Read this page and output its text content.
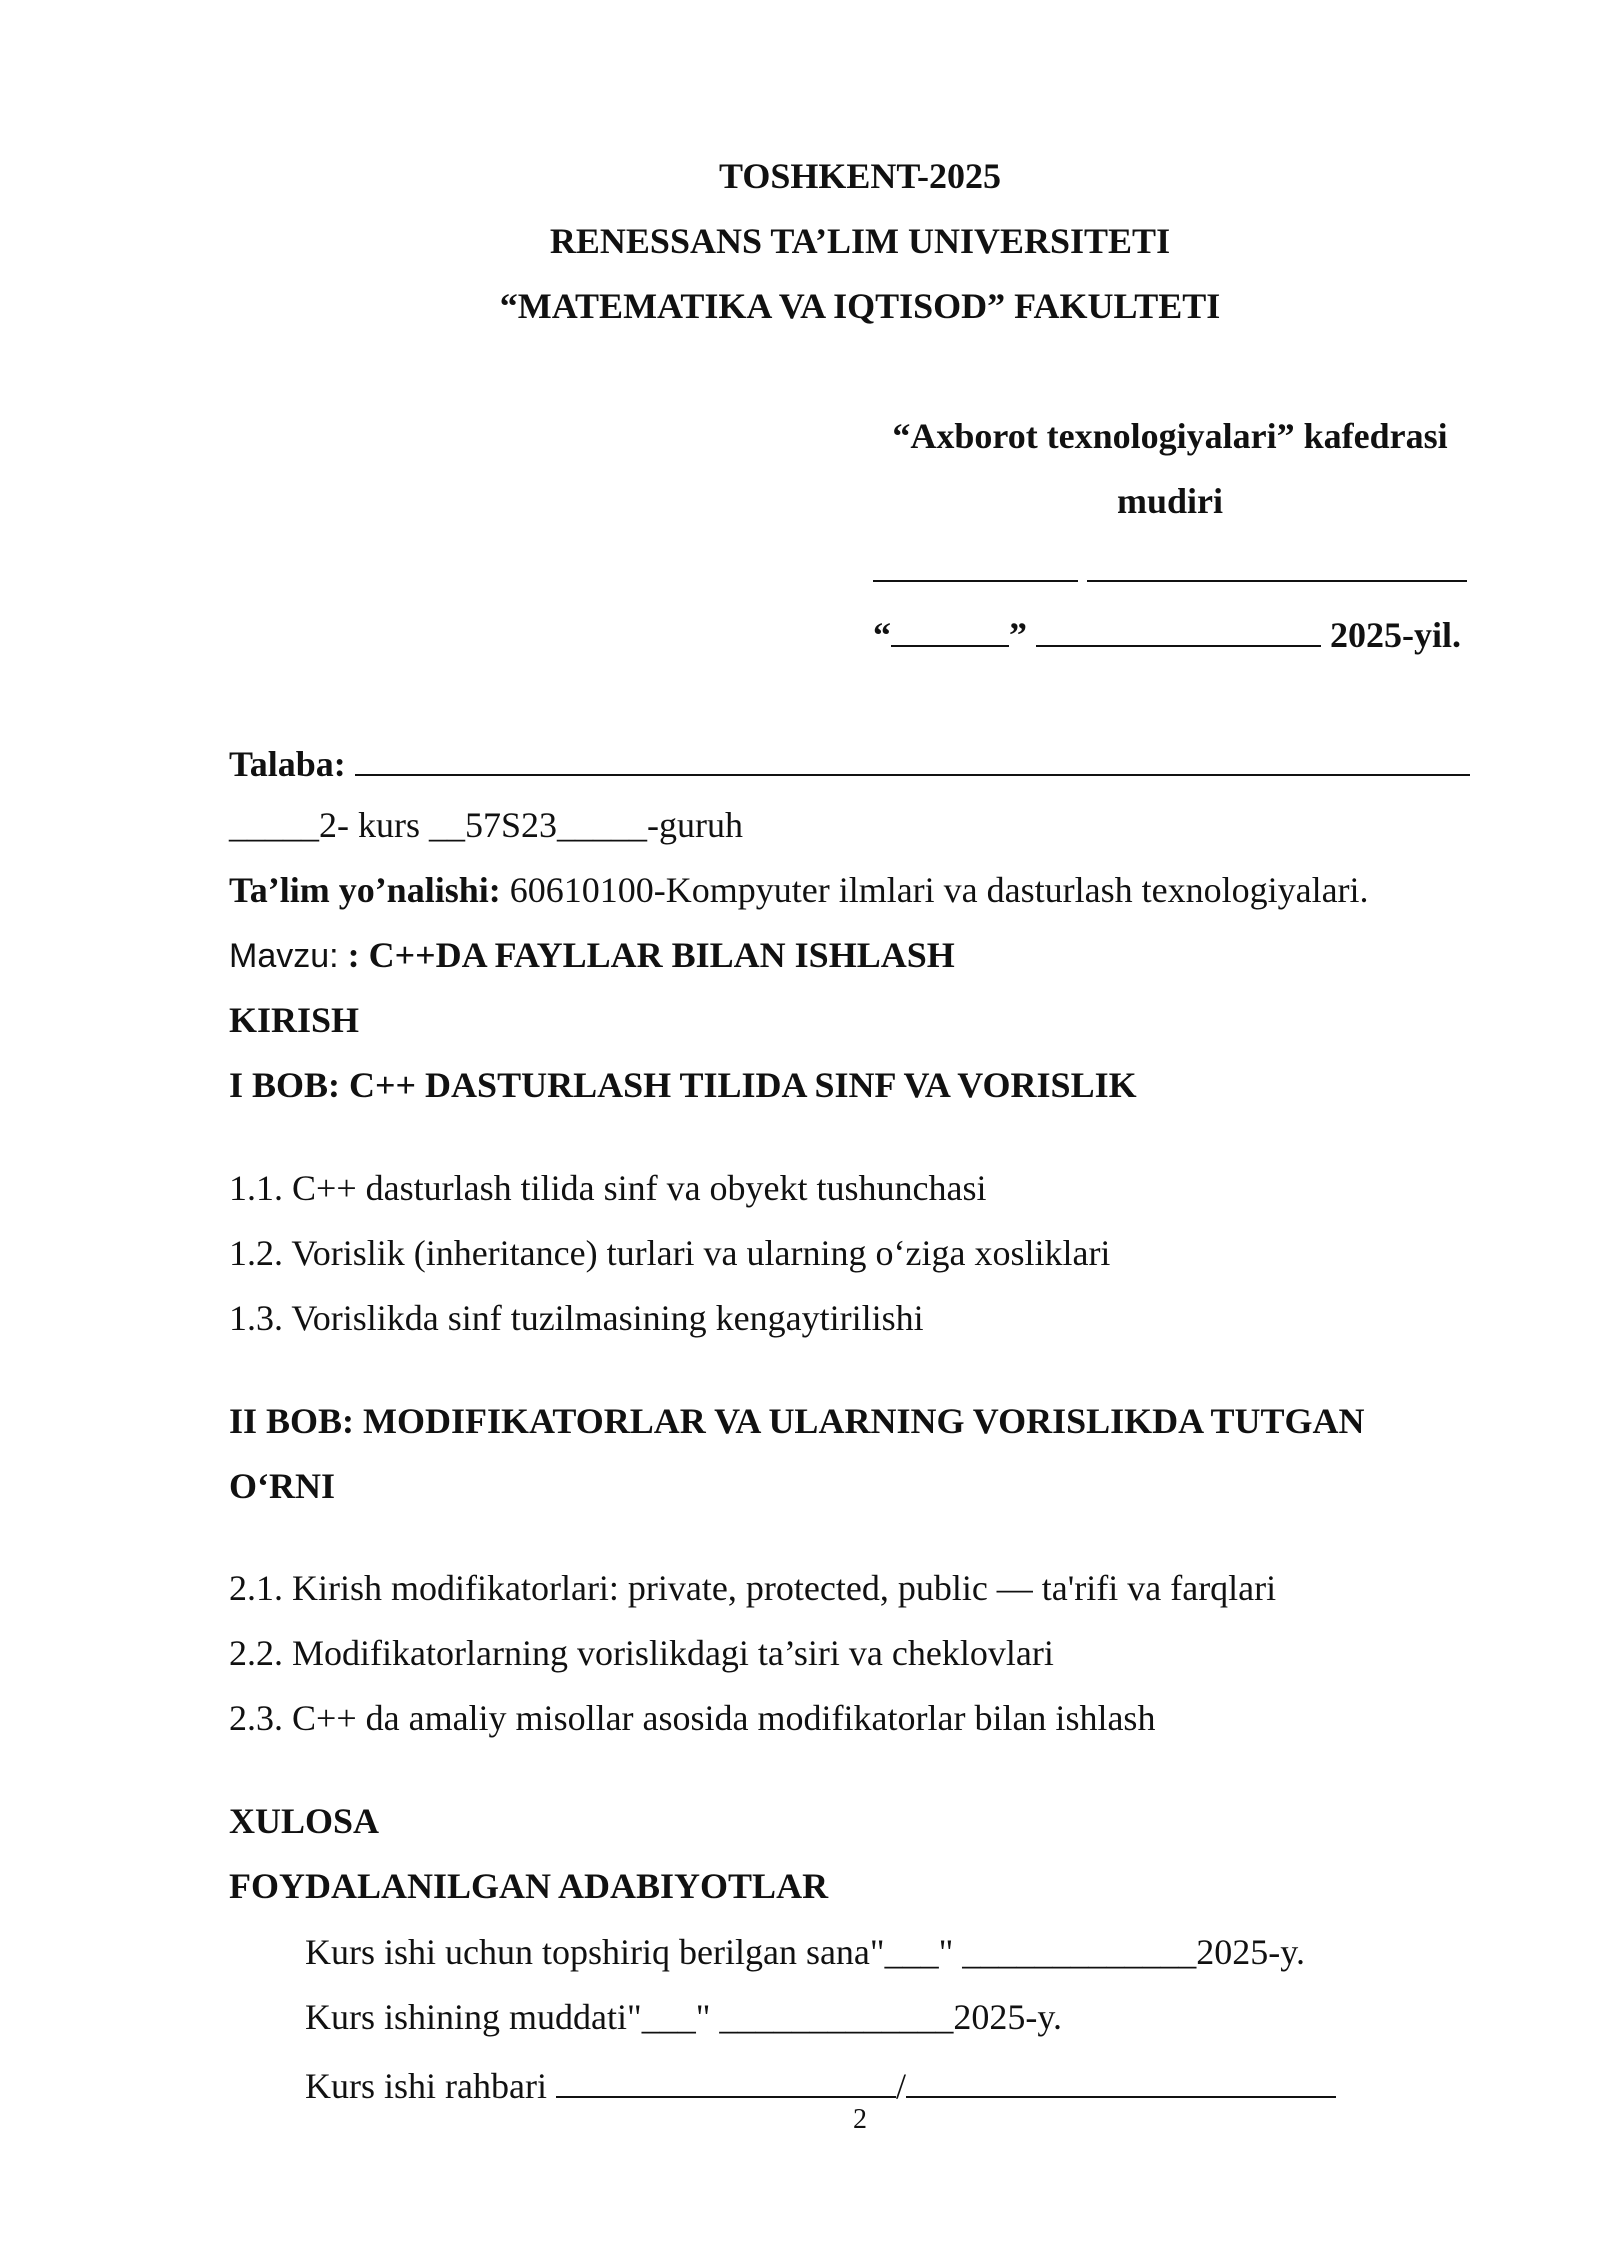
TOSHKENT-2025
RENESSANS TA’LIM UNIVERSITETI
“MATEMATIKA VA IQTISOD” FAKULTETI
“Axborot texnologiyalari” kafedrasi
mudiri

“	”	2025-yil.
Talaba:
_____2- kurs __57S23_____-guruh
Ta’lim yo’nalishi: 60610100-Kompyuter ilmlari va dasturlash texnologiyalari.
Mavzu: : C++DA FAYLLAR BILAN ISHLASH
KIRISH
I BOB: C++ DASTURLASH TILIDA SINF VA VORISLIK
1.1. C++ dasturlash tilida sinf va obyekt tushunchasi
1.2. Vorislik (inheritance) turlari va ularning o‘ziga xosliklari
1.3. Vorislikda sinf tuzilmasining kengaytirilishi
II BOB: MODIFIKATORLAR VA ULARNING VORISLIKDA TUTGAN
O‘RNI
2.1. Kirish modifikatorlari: private, protected, public — ta'rifi va farqlari
2.2. Modifikatorlarning vorislikdagi ta’siri va cheklovlari
2.3. C++ da amaliy misollar asosida modifikatorlar bilan ishlash
XULOSA
FOYDALANILGAN ADABIYOTLAR
Kurs ishi uchun topshiriq berilgan sana"___" _____________2025-y.
Kurs ishining muddati"___" _____________2025-y.
Kurs ishi rahbari	/
2
